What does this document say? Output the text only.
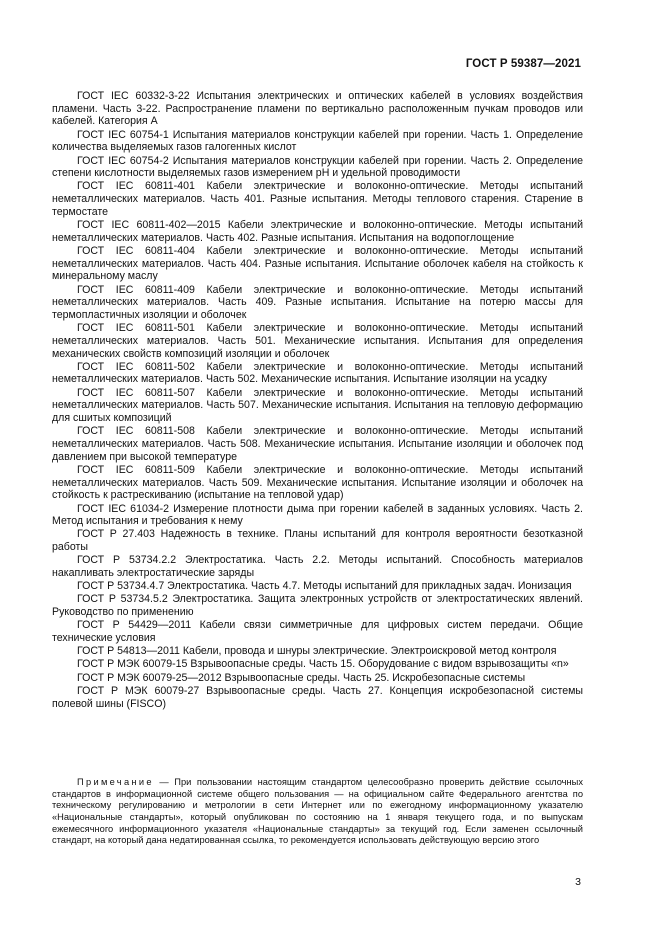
ГОСТ Р 59387—2021

ГОСТ IEC 60332-3-22 Испытания электрических и оптических кабелей в условиях воздействия пламени. Часть 3-22. Распространение пламени по вертикально расположенным пучкам проводов или кабелей. Категория А

ГОСТ IEC 60754-1 Испытания материалов конструкции кабелей при горении. Часть 1. Определение количества выделяемых газов галогенных кислот

ГОСТ IEC 60754-2 Испытания материалов конструкции кабелей при горении. Часть 2. Определение степени кислотности выделяемых газов измерением pH и удельной проводимости

ГОСТ IEC 60811-401 Кабели электрические и волоконно-оптические. Методы испытаний неметаллических материалов. Часть 401. Разные испытания. Методы теплового старения. Старение в термостате

ГОСТ IEC 60811-402—2015 Кабели электрические и волоконно-оптические. Методы испытаний неметаллических материалов. Часть 402. Разные испытания. Испытания на водопоглощение

ГОСТ IEC 60811-404 Кабели электрические и волоконно-оптические. Методы испытаний неметаллических материалов. Часть 404. Разные испытания. Испытание оболочек кабеля на стойкость к минеральному маслу

ГОСТ IEC 60811-409 Кабели электрические и волоконно-оптические. Методы испытаний неметаллических материалов. Часть 409. Разные испытания. Испытание на потерю массы для термопластичных изоляции и оболочек

ГОСТ IEC 60811-501 Кабели электрические и волоконно-оптические. Методы испытаний неметаллических материалов. Часть 501. Механические испытания. Испытания для определения механических свойств композиций изоляции и оболочек

ГОСТ IEC 60811-502 Кабели электрические и волоконно-оптические. Методы испытаний неметаллических материалов. Часть 502. Механические испытания. Испытание изоляции на усадку

ГОСТ IEC 60811-507 Кабели электрические и волоконно-оптические. Методы испытаний неметаллических материалов. Часть 507. Механические испытания. Испытания на тепловую деформацию для сшитых композиций

ГОСТ IEC 60811-508 Кабели электрические и волоконно-оптические. Методы испытаний неметаллических материалов. Часть 508. Механические испытания. Испытание изоляции и оболочек под давлением при высокой температуре

ГОСТ IEC 60811-509 Кабели электрические и волоконно-оптические. Методы испытаний неметаллических материалов. Часть 509. Механические испытания. Испытание изоляции и оболочек на стойкость к растрескиванию (испытание на тепловой удар)

ГОСТ IEC 61034-2 Измерение плотности дыма при горении кабелей в заданных условиях. Часть 2. Метод испытания и требования к нему

ГОСТ Р 27.403 Надежность в технике. Планы испытаний для контроля вероятности безотказной работы

ГОСТ Р 53734.2.2 Электростатика. Часть 2.2. Методы испытаний. Способность материалов накапливать электростатические заряды

ГОСТ Р 53734.4.7 Электростатика. Часть 4.7. Методы испытаний для прикладных задач. Ионизация

ГОСТ Р 53734.5.2 Электростатика. Защита электронных устройств от электростатических явлений. Руководство по применению

ГОСТ Р 54429—2011 Кабели связи симметричные для цифровых систем передачи. Общие технические условия

ГОСТ Р 54813—2011 Кабели, провода и шнуры электрические. Электроискровой метод контроля

ГОСТ Р МЭК 60079-15 Взрывоопасные среды. Часть 15. Оборудование с видом взрывозащиты «n»

ГОСТ Р МЭК 60079-25—2012 Взрывоопасные среды. Часть 25. Искробезопасные системы

ГОСТ Р МЭК 60079-27 Взрывоопасные среды. Часть 27. Концепция искробезопасной системы полевой шины (FISCO)

Примечание — При пользовании настоящим стандартом целесообразно проверить действие ссылочных стандартов в информационной системе общего пользования — на официальном сайте Федерального агентства по техническому регулированию и метрологии в сети Интернет или по ежегодному информационному указателю «Национальные стандарты», который опубликован по состоянию на 1 января текущего года, и по выпускам ежемесячного информационного указателя «Национальные стандарты» за текущий год. Если заменен ссылочный стандарт, на который дана недатированная ссылка, то рекомендуется использовать действующую версию этого

3
